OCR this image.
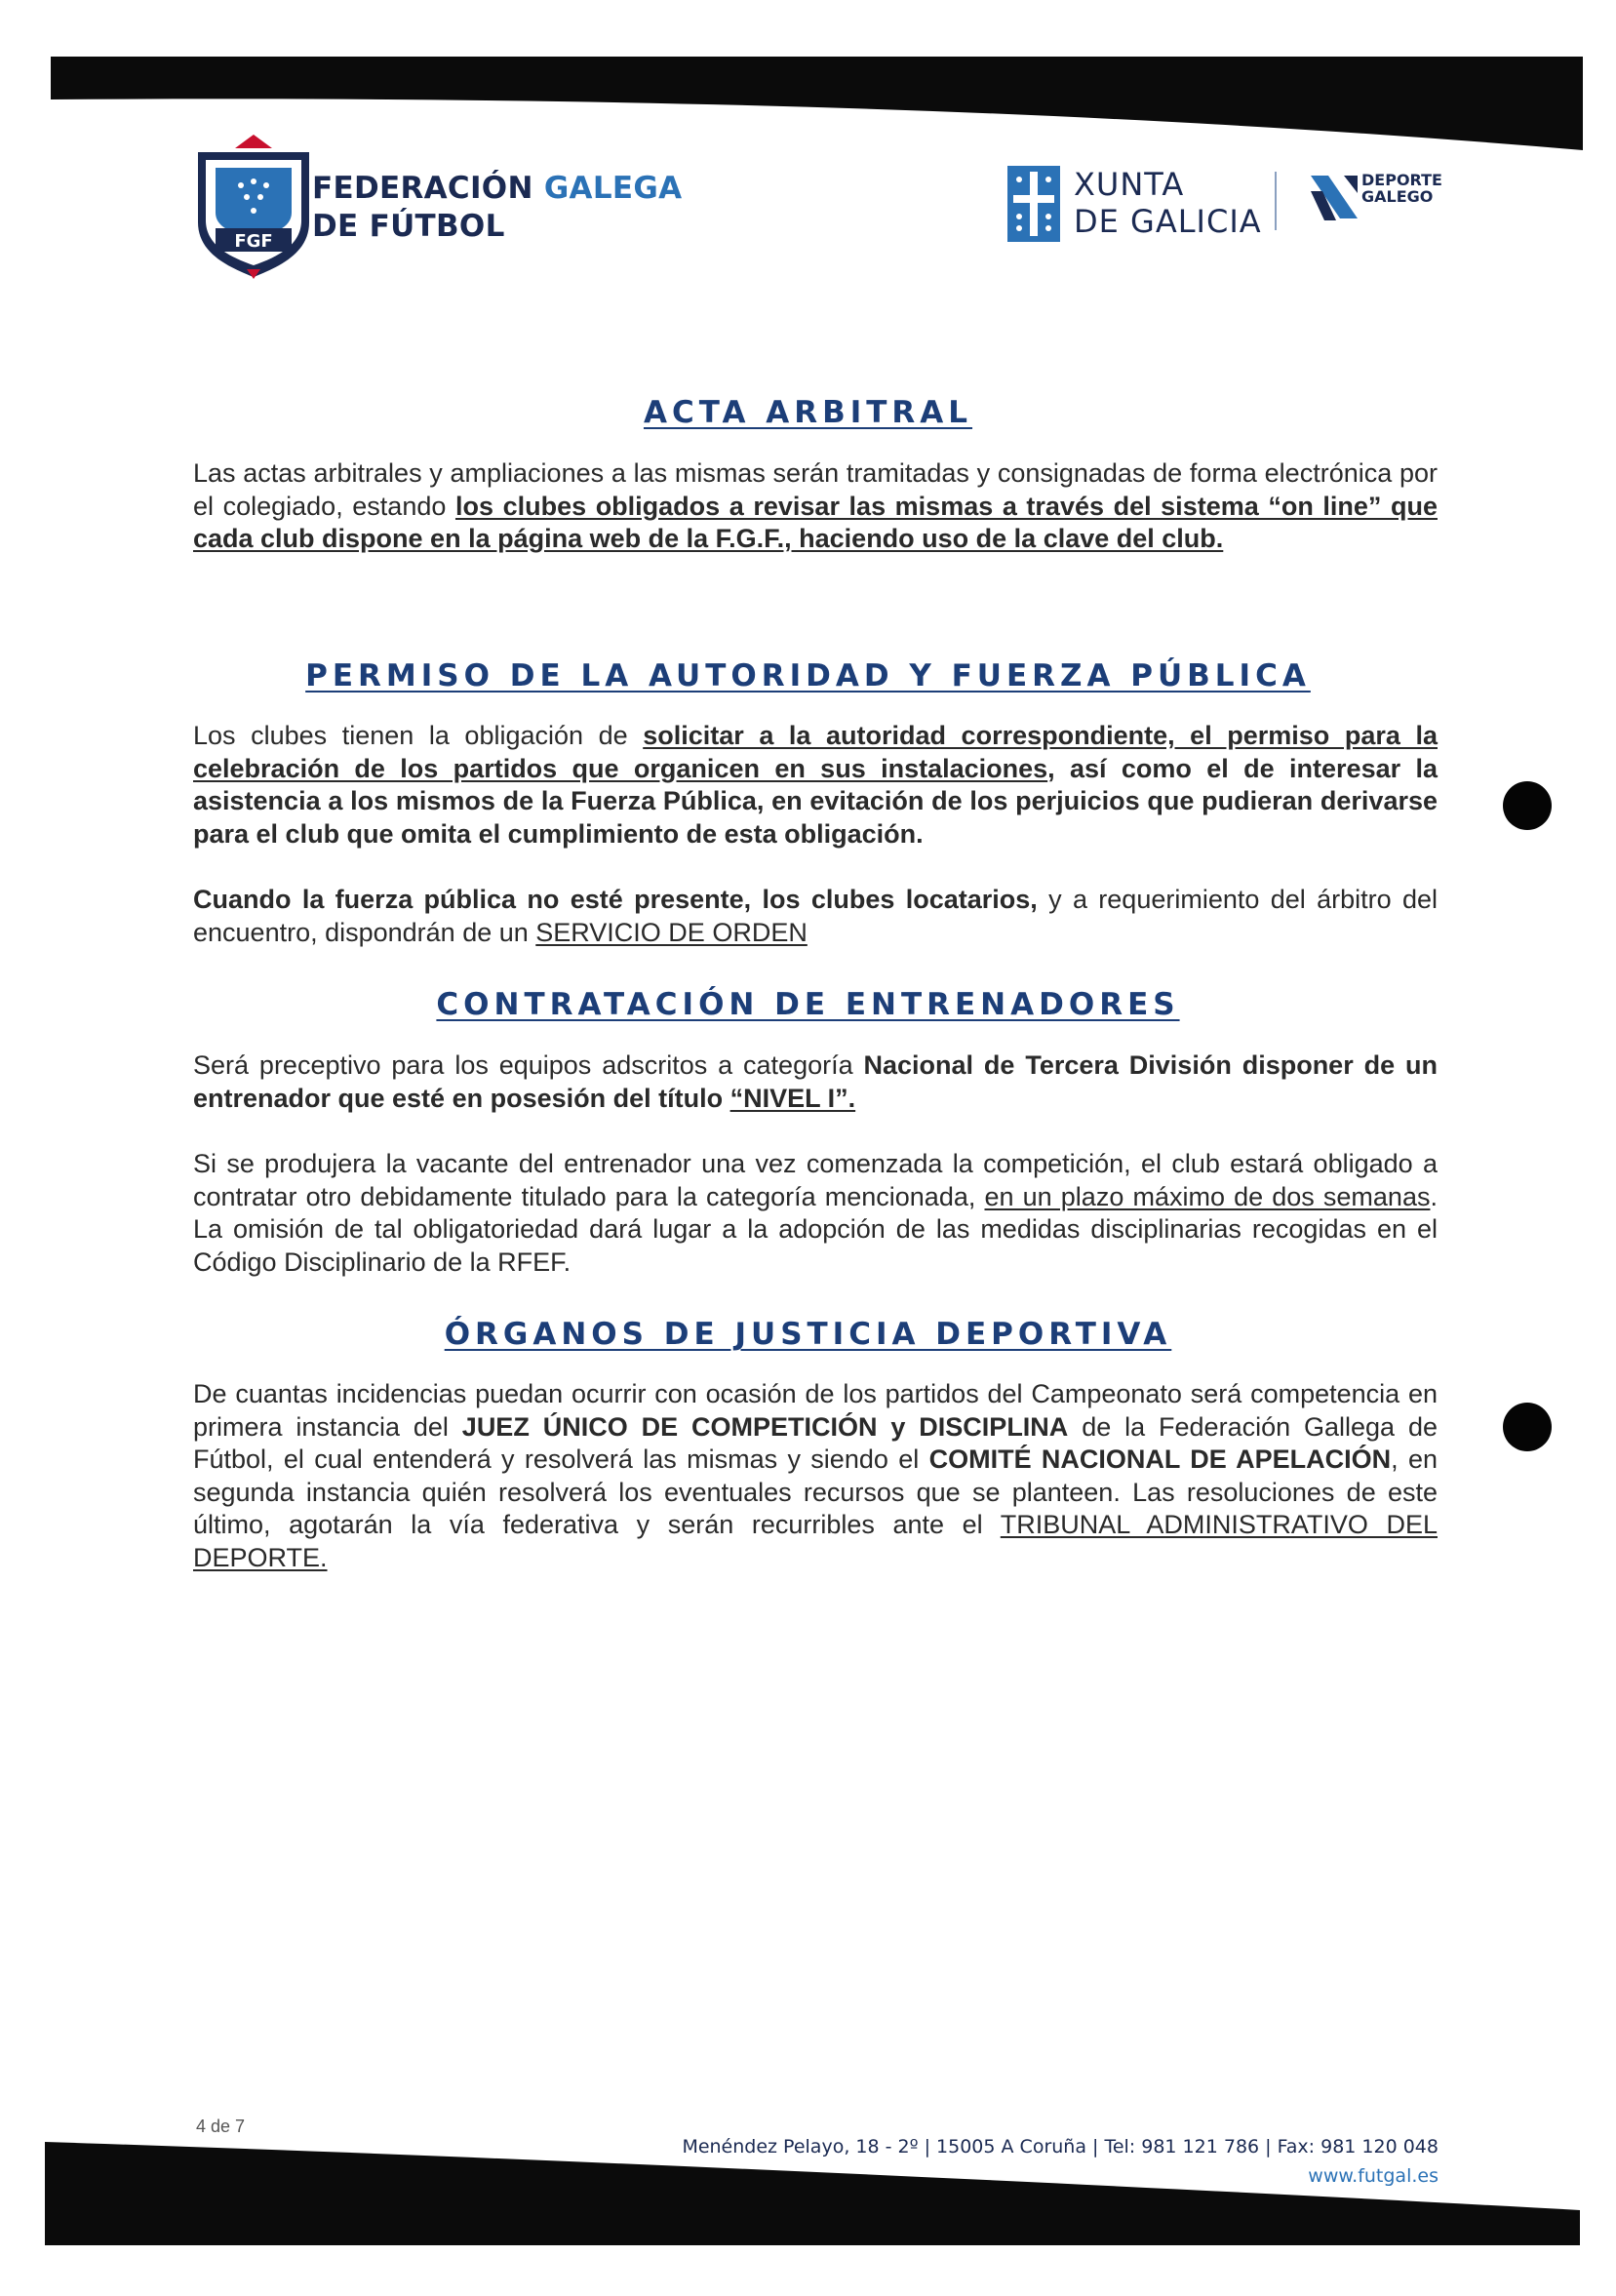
FGF
FEDERACIÓN GALEGA
DE FÚTBOL
XUNTA
DE GALICIA
DEPORTE
GALEGO
ACTA ARBITRAL

Las actas arbitrales y ampliaciones a las mismas serán tramitadas y consignadas de forma electrónica por el colegiado, estando los clubes obligados a revisar las mismas a través del sistema “on line” que cada club dispone en la página web de la F.G.F., haciendo uso de la clave del club.

PERMISO DE LA AUTORIDAD Y FUERZA PÚBLICA

Los clubes tienen la obligación de solicitar a la autoridad correspondiente, el permiso para la celebración de los partidos que organicen en sus instalaciones, así como el de interesar la asistencia a los mismos de la Fuerza Pública, en evitación de los perjuicios que pudieran derivarse para el club que omita el cumplimiento de esta obligación.

Cuando la fuerza pública no esté presente, los clubes locatarios, y a requerimiento del árbitro del encuentro, dispondrán de un SERVICIO DE ORDEN

CONTRATACIÓN DE ENTRENADORES

Será preceptivo para los equipos adscritos a categoría Nacional de Tercera División disponer de un entrenador que esté en posesión del título “NIVEL I”.

Si se produjera la vacante del entrenador una vez comenzada la competición, el club estará obligado a contratar otro debidamente titulado para la categoría mencionada, en un plazo máximo de dos semanas. La omisión de tal obligatoriedad dará lugar a la adopción de las medidas disciplinarias recogidas en el Código Disciplinario de la RFEF.

ÓRGANOS DE JUSTICIA DEPORTIVA

De cuantas incidencias puedan ocurrir con ocasión de los partidos del Campeonato será competencia en primera instancia del JUEZ ÚNICO DE COMPETICIÓN y DISCIPLINA de la Federación Gallega de Fútbol, el cual entenderá y resolverá las mismas y siendo el COMITÉ NACIONAL DE APELACIÓN, en segunda instancia quién resolverá los eventuales recursos que se planteen. Las resoluciones de este último, agotarán la vía federativa y serán recurribles ante el TRIBUNAL ADMINISTRATIVO DEL DEPORTE.

4 de 7
Menéndez Pelayo, 18 - 2º | 15005 A Coruña | Tel: 981 121 786 | Fax: 981 120 048
www.futgal.es
